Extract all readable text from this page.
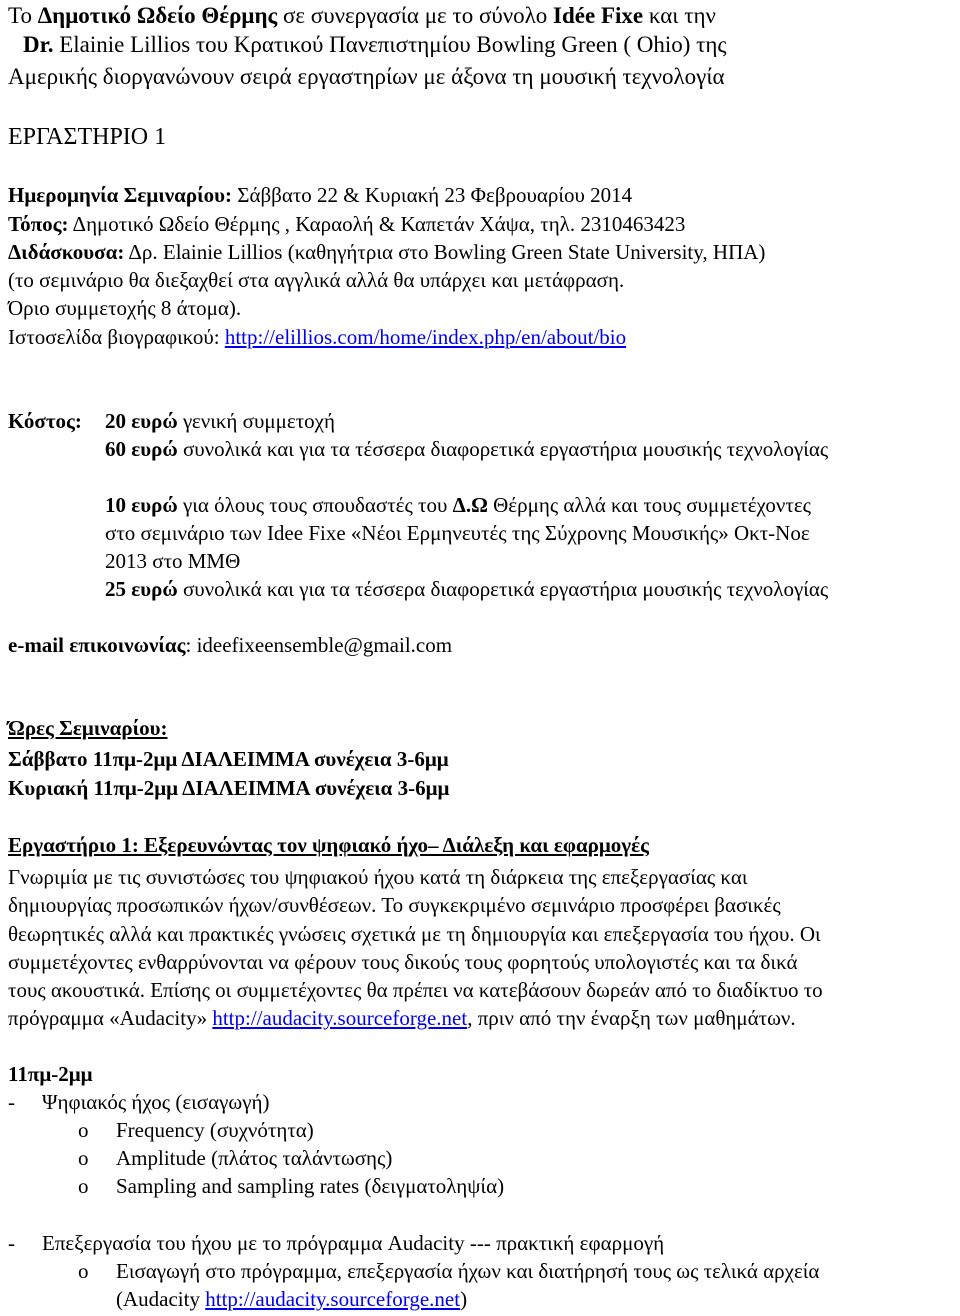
Το Δημοτικό Ωδείο Θέρμης σε συνεργασία με το σύνολο Idée Fixe και την
Dr. Elainie Lillios του Κρατικού Πανεπιστημίου Bowling Green ( Ohio) της
Αμερικής διοργανώνουν σειρά εργαστηρίων με άξονα τη μουσική τεχνολογία
ΕΡΓΑΣΤΗΡΙΟ 1
Ημερομηνία Σεμιναρίου: Σάββατο 22 & Κυριακή 23 Φεβρουαρίου 2014
Τόπος: Δημοτικό Ωδείο Θέρμης , Καραολή & Καπετάν Χάψα, τηλ. 2310463423
Διδάσκουσα: Δρ. Elainie Lillios (καθηγήτρια στο Bowling Green State University, ΗΠΑ)
(το σεμινάριο θα διεξαχθεί στα αγγλικά αλλά θα υπάρχει και μετάφραση.
Όριο συμμετοχής 8 άτομα).
Ιστοσελίδα βιογραφικού: http://elillios.com/home/index.php/en/about/bio
Κόστος: 20 ευρώ γενική συμμετοχή
60 ευρώ συνολικά και για τα τέσσερα διαφορετικά εργαστήρια μουσικής τεχνολογίας
10 ευρώ για όλους τους σπουδαστές του Δ.Ω Θέρμης αλλά και τους συμμετέχοντες
στο σεμινάριο των Idee Fixe «Νέοι Ερμηνευτές της Σύχρονης Μουσικής» Οκτ-Νοε
2013 στο ΜΜΘ
25 ευρώ συνολικά και για τα τέσσερα διαφορετικά εργαστήρια μουσικής τεχνολογίας
e-mail επικοινωνίας: ideefixeensemble@gmail.com
Ώρες Σεμιναρίου:
Σάββατο 11πμ-2μμ ΔΙΑΛΕΙΜΜΑ συνέχεια 3-6μμ
Κυριακή 11πμ-2μμ ΔΙΑΛΕΙΜΜΑ συνέχεια 3-6μμ
Εργαστήριο 1: Εξερευνώντας τον ψηφιακό ήχο– Διάλεξη και εφαρμογές
Γνωριμία με τις συνιστώσες του ψηφιακού ήχου κατά τη διάρκεια της επεξεργασίας και
δημιουργίας προσωπικών ήχων/συνθέσεων. Το συγκεκριμένο σεμινάριο προσφέρει βασικές
θεωρητικές αλλά και πρακτικές γνώσεις σχετικά με τη δημιουργία και επεξεργασία του ήχου. Οι
συμμετέχοντες ενθαρρύνονται να φέρουν τους δικούς τους φορητούς υπολογιστές και τα δικά
τους ακουστικά. Επίσης οι συμμετέχοντες θα πρέπει να κατεβάσουν δωρεάν από το διαδίκτυο το
πρόγραμμα «Audacity» http://audacity.sourceforge.net, πριν από την έναρξη των μαθημάτων.
11πμ-2μμ
- Ψηφιακός ήχος (εισαγωγή)
o Frequency (συχνότητα)
o Amplitude (πλάτος ταλάντωσης)
o Sampling and sampling rates (δειγματοληψία)
- Επεξεργασία του ήχου με το πρόγραμμα Audacity --- πρακτική εφαρμογή
o Εισαγωγή στο πρόγραμμα, επεξεργασία ήχων και διατήρησή τους ως τελικά αρχεία
(Audacity http://audacity.sourceforge.net)
